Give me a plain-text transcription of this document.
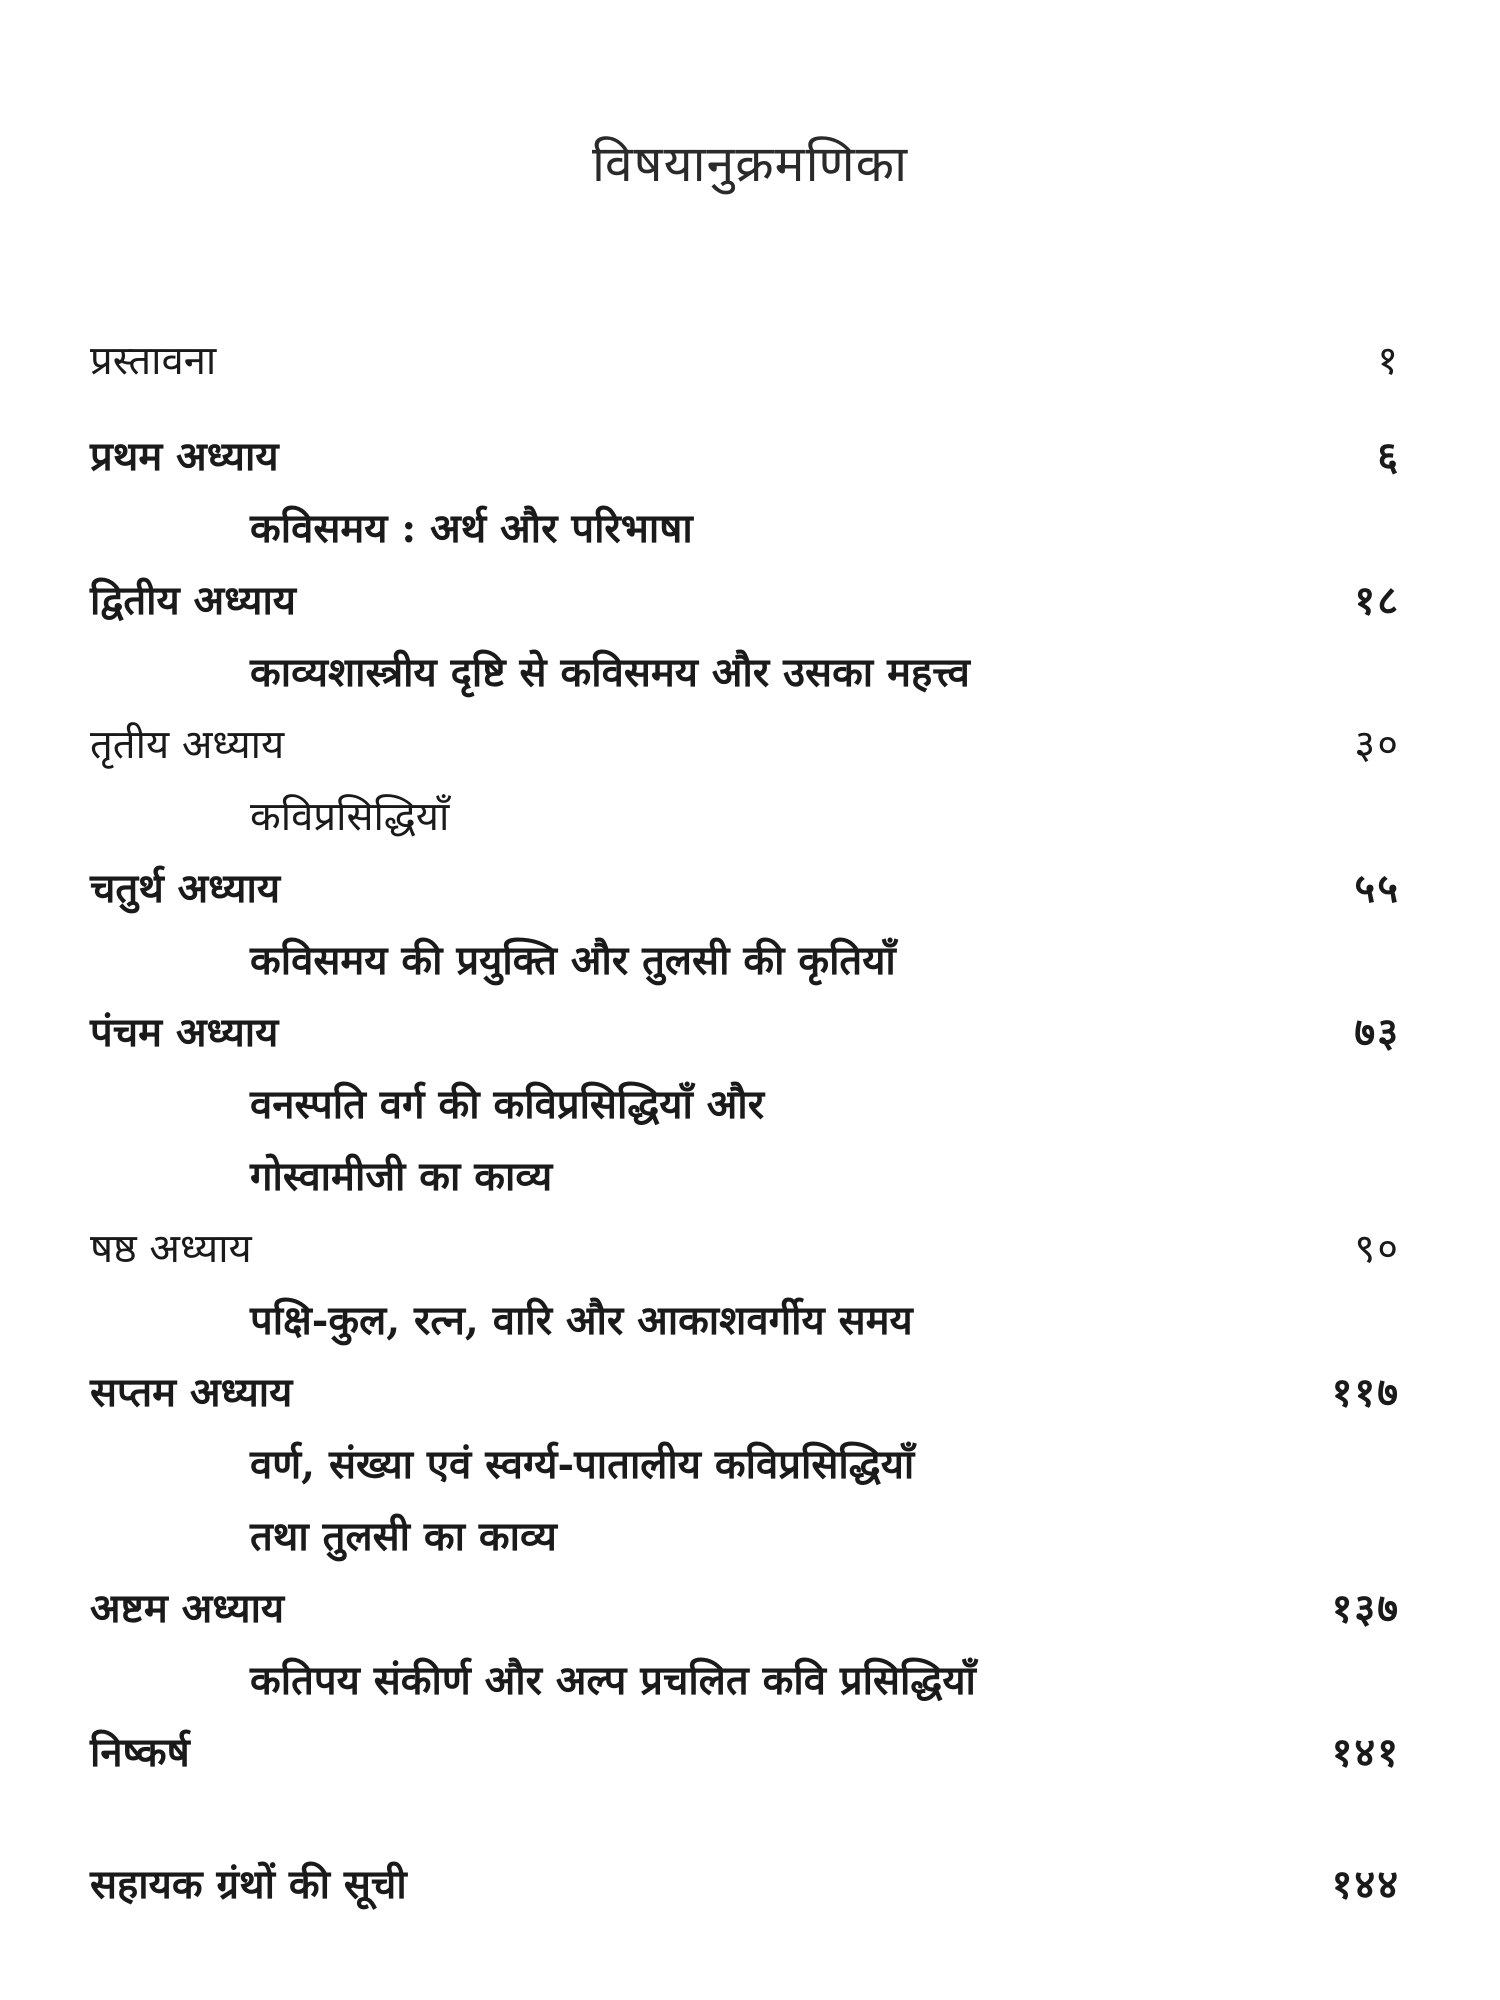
विषयानुक्रमणिका
प्रस्तावना	१
प्रथम अध्याय	६
कविसमय : अर्थ और परिभाषा
द्वितीय अध्याय	१८
काव्यशास्त्रीय दृष्टि से कविसमय और उसका महत्त्व
तृतीय अध्याय	३०
कविप्रसिद्धियाँ
चतुर्थ अध्याय	५५
कविसमय की प्रयुक्ति और तुलसी की कृतियाँ
पंचम अध्याय	७३
वनस्पति वर्ग की कविप्रसिद्धियाँ और
गोस्वामीजी का काव्य
षष्ठ अध्याय	९०
पक्षि-कुल, रत्न, वारि और आकाशवर्गीय समय
सप्तम अध्याय	११७
वर्ण, संख्या एवं स्वर्ग्य-पातालीय कविप्रसिद्धियाँ
तथा तुलसी का काव्य
अष्टम अध्याय	१३७
कतिपय संकीर्ण और अल्प प्रचलित कवि प्रसिद्धियाँ
निष्कर्ष	१४१
सहायक ग्रंथों की सूची	१४४
